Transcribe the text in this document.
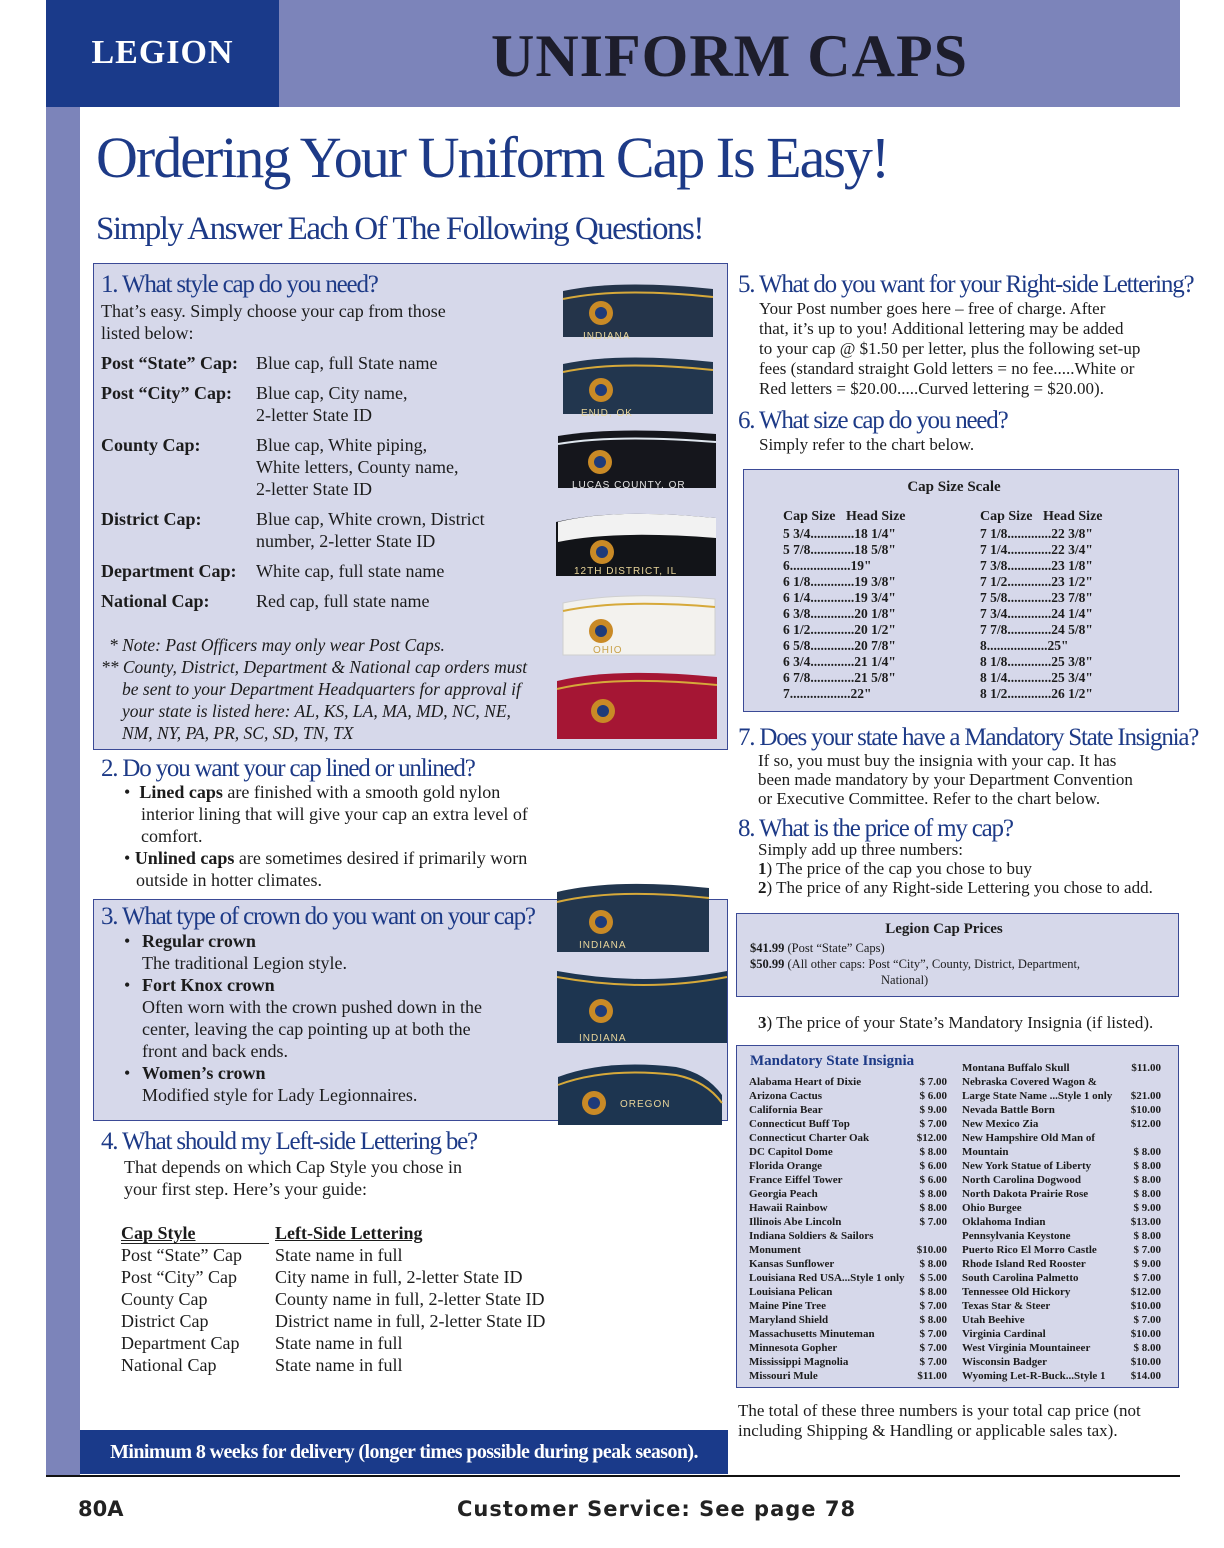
LEGION	UNIFORM CAPS
Ordering Your Uniform Cap Is Easy!
Simply Answer Each Of The Following Questions!
1. What style cap do you need?
That’s easy. Simply choose your cap from those
listed below:
Post “State” Cap: Blue cap, full State name
Post “City” Cap: Blue cap, City name,
2-letter State ID
County Cap:	Blue cap, White piping,
White letters, County name,
2-letter State ID
District Cap:	Blue cap, White crown, District
number, 2-letter State ID
Department Cap: White cap, full state name
National Cap:	Red cap, full state name
* Note: Past Officers may only wear Post Caps.
** County, District, Department & National cap orders must
be sent to your Department Headquarters for approval if
your state is listed here: AL, KS, LA, MA, MD, NC, NE,
NM, NY, PA, PR, SC, SD, TN, TX
INDIANA
ENID, OK
LUCAS COUNTY, OR
12TH DISTRICT, IL
OHIO
2. Do you want your cap lined or unlined?
•  Lined caps are finished with a smooth gold nylon
interior lining that will give your cap an extra level of
comfort.
• Unlined caps are sometimes desired if primarily worn
outside in hotter climates.
3. What type of crown do you want on your cap?
Regular crown
The traditional Legion style.
Fort Knox crown
Often worn with the crown pushed down in the
center, leaving the cap pointing up at both the
front and back ends.
Women’s crown
Modified style for Lady Legionnaires.
•
•
•
INDIANA
INDIANA
OREGON
4. What should my Left-side Lettering be?
That depends on which Cap Style you chose in
your first step. Here’s your guide:
Cap Style	Left-Side Lettering
Post “State” Cap State name in full
Post “City” Cap City name in full, 2-letter State ID
County Cap	County name in full, 2-letter State ID
District Cap	District name in full, 2-letter State ID
Department Cap State name in full
National Cap	State name in full
Minimum 8 weeks for delivery (longer times possible during peak season).
5. What do you want for your Right-side Lettering?
Your Post number goes here – free of charge. After
that, it’s up to you! Additional lettering may be added
to your cap @ $1.50 per letter, plus the following set-up
fees (standard straight Gold letters = no fee.....White or
Red letters = $20.00.....Curved lettering = $20.00).
6. What size cap do you need?
Simply refer to the chart below.
Cap Size Scale
Cap Size Head Size	Cap Size Head Size
5 3/4.............18 1/4"
5 7/8.............18 5/8"
6..................19"
6 1/8.............19 3/8"
6 1/4.............19 3/4"
6 3/8.............20 1/8"
6 1/2.............20 1/2"
6 5/8.............20 7/8"
6 3/4.............21 1/4"
6 7/8.............21 5/8"
7..................22"
7 1/8.............22 3/8"
7 1/4.............22 3/4"
7 3/8.............23 1/8"
7 1/2.............23 1/2"
7 5/8.............23 7/8"
7 3/4.............24 1/4"
7 7/8.............24 5/8"
8..................25"
8 1/8.............25 3/8"
8 1/4.............25 3/4"
8 1/2.............26 1/2"
7. Does your state have a Mandatory State Insignia?
If so, you must buy the insignia with your cap. It has
been made mandatory by your Department Convention
or Executive Committee. Refer to the chart below.
8. What is the price of my cap?
Simply add up three numbers:
1) The price of the cap you chose to buy
2) The price of any Right-side Lettering you chose to add.
Legion Cap Prices
$41.99 (Post “State” Caps)
$50.99 (All other caps: Post “City”, County, District, Department,
National)
3) The price of your State’s Mandatory Insignia (if listed).
Mandatory State Insignia
Alabama Heart of Dixie	$ 7.00
Arizona Cactus	$ 6.00
California Bear	$ 9.00
Connecticut Buff Top	$ 7.00
Connecticut Charter Oak	$12.00
DC Capitol Dome	$ 8.00
Florida Orange	$ 6.00
France Eiffel Tower	$ 6.00
Georgia Peach	$ 8.00
Hawaii Rainbow	$ 8.00
Illinois Abe Lincoln	$ 7.00
Indiana Soldiers & Sailors
Monument	$10.00
Kansas Sunflower	$ 8.00
Louisiana Red USA...Style 1 only $ 5.00
Louisiana Pelican	$ 8.00
Maine Pine Tree	$ 7.00
Maryland Shield	$ 8.00
Massachusetts Minuteman	$ 7.00
Minnesota Gopher	$ 7.00
Mississippi Magnolia	$ 7.00
Missouri Mule	$11.00
Montana Buffalo Skull	$11.00
Nebraska Covered Wagon &
Large State Name ...Style 1 only $21.00
Nevada Battle Born	$10.00
New Mexico Zia	$12.00
New Hampshire Old Man of
Mountain	$ 8.00
New York Statue of Liberty	$ 8.00
North Carolina Dogwood	$ 8.00
North Dakota Prairie Rose	$ 8.00
Ohio Burgee	$ 9.00
Oklahoma Indian	$13.00
Pennsylvania Keystone	$ 8.00
Puerto Rico El Morro Castle	$ 7.00
Rhode Island Red Rooster	$ 9.00
South Carolina Palmetto	$ 7.00
Tennessee Old Hickory	$12.00
Texas Star & Steer	$10.00
Utah Beehive	$ 7.00
Virginia Cardinal	$10.00
West Virginia Mountaineer	$ 8.00
Wisconsin Badger	$10.00
Wyoming Let-R-Buck...Style 1 $14.00
The total of these three numbers is your total cap price (not
including Shipping & Handling or applicable sales tax).
80A	Customer Service: See page 78
